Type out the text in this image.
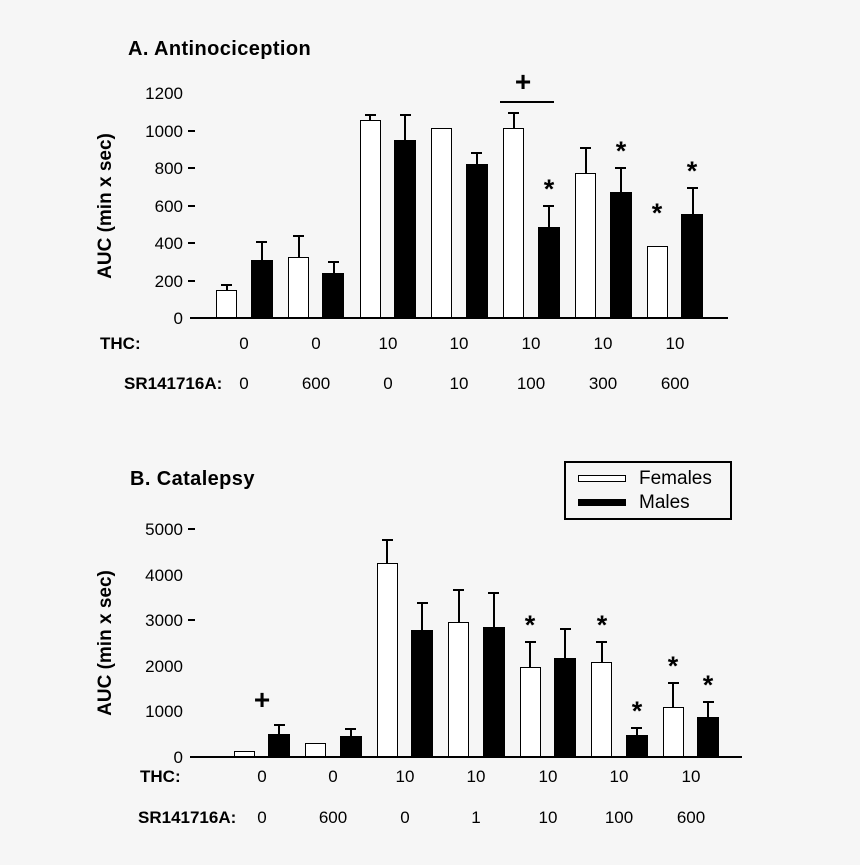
A. Antinociception
AUC (min x sec)
THC:
SR141716A:
B. Catalepsy
AUC (min x sec)
THC:
SR141716A:
Females
Males
0
200
400
600
800
1000
1200
0
0
0
600
10
0
10
10
*
10
100
*
10
300
*
*
10
600
+
0
1000
2000
3000
4000
5000
0
0
0
600
10
0
10
1
*
10
10
*
*
10
100
*
*
10
600
+
